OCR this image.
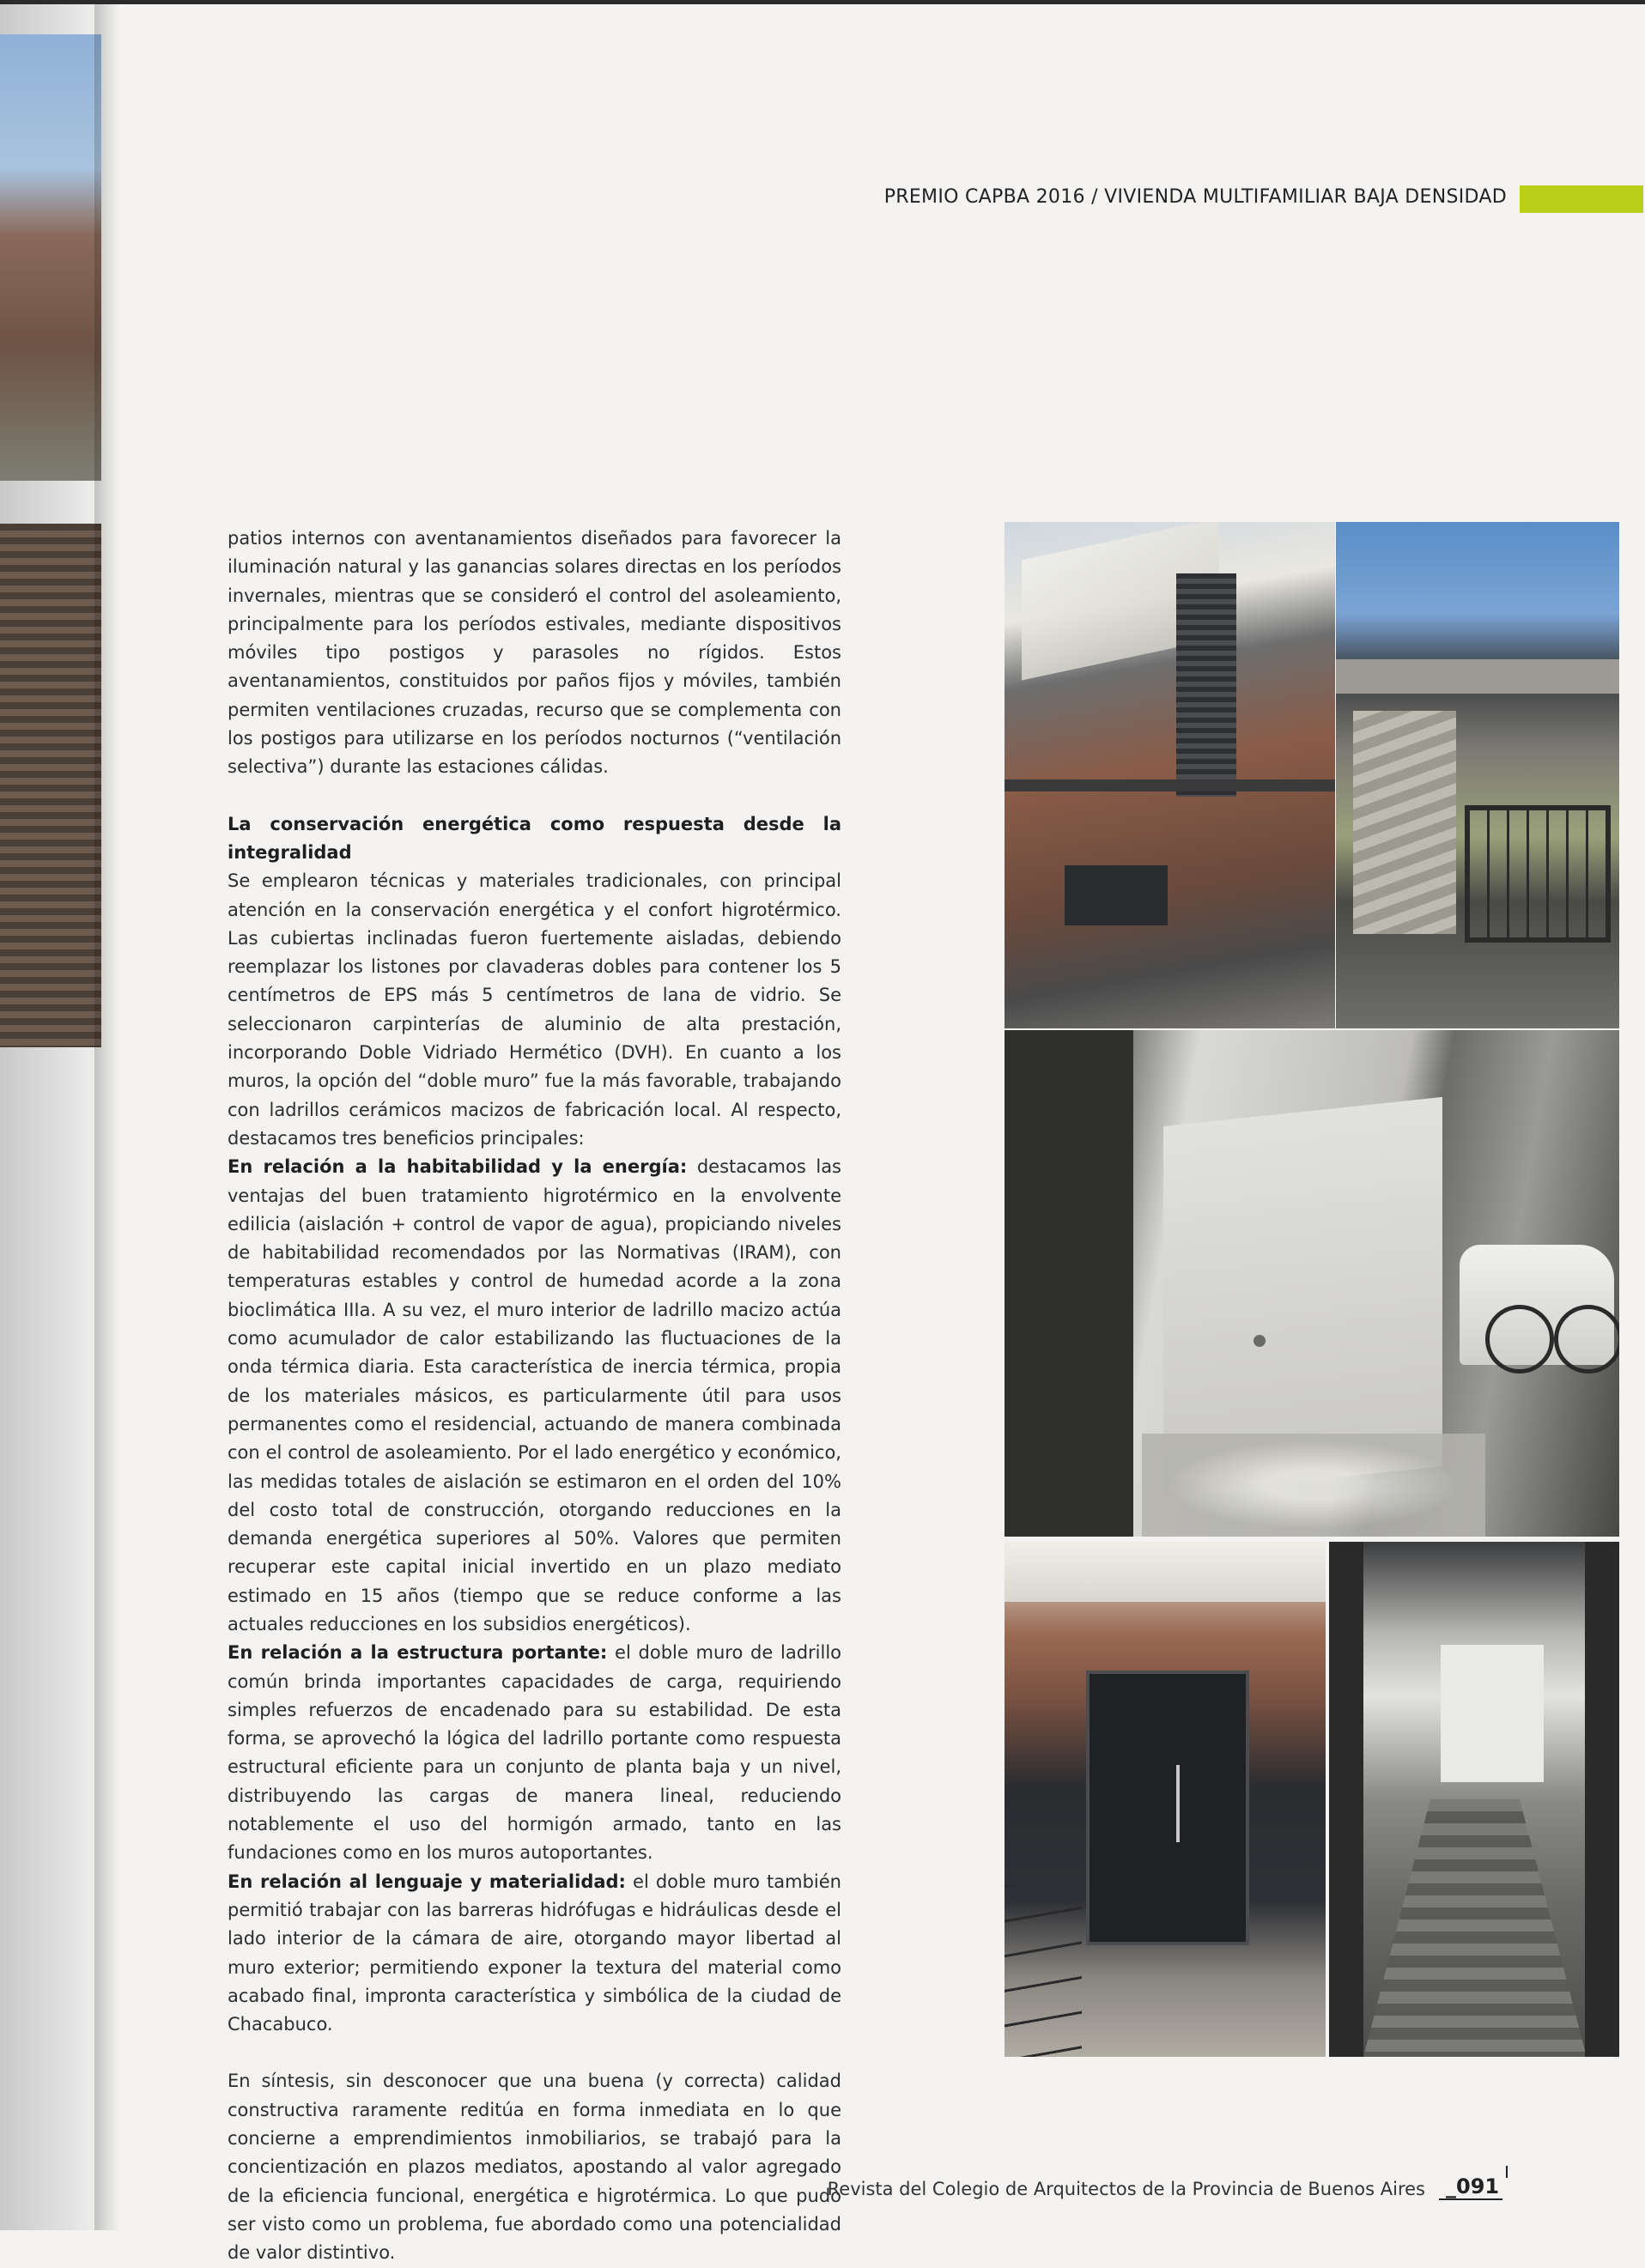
PREMIO CAPBA 2016 / VIVIENDA MULTIFAMILIAR BAJA DENSIDAD

patios internos con aventanamientos diseñados para favorecer la iluminación natural y las ganancias solares directas en los períodos invernales, mientras que se consideró el control del asoleamiento, principalmente para los períodos estivales, mediante dispositivos móviles tipo postigos y parasoles no rígidos. Estos aventanamientos, constituidos por paños fijos y móviles, también permiten ventilaciones cruzadas, recurso que se complementa con los postigos para utilizarse en los períodos nocturnos (“ventilación selectiva”) durante las estaciones cálidas.

La conservación energética como respuesta desde la integralidad

Se emplearon técnicas y materiales tradicionales, con principal atención en la conservación energética y el confort higrotérmico. Las cubiertas inclinadas fueron fuertemente aisladas, debiendo reemplazar los listones por clavaderas dobles para contener los 5 centímetros de EPS más 5 centímetros de lana de vidrio. Se seleccionaron carpinterías de aluminio de alta prestación, incorporando Doble Vidriado Hermético (DVH). En cuanto a los muros, la opción del “doble muro” fue la más favorable, trabajando con ladrillos cerámicos macizos de fabricación local. Al respecto, destacamos tres beneficios principales:

En relación a la habitabilidad y la energía: destacamos las ventajas del buen tratamiento higrotérmico en la envolvente edilicia (aislación + control de vapor de agua), propiciando niveles de habitabilidad recomendados por las Normativas (IRAM), con temperaturas estables y control de humedad acorde a la zona bioclimática IIIa. A su vez, el muro interior de ladrillo macizo actúa como acumulador de calor estabilizando las fluctuaciones de la onda térmica diaria. Esta característica de inercia térmica, propia de los materiales másicos, es particularmente útil para usos permanentes como el residencial, actuando de manera combinada con el control de asoleamiento. Por el lado energético y económico, las medidas totales de aislación se estimaron en el orden del 10% del costo total de construcción, otorgando reducciones en la demanda energética superiores al 50%. Valores que permiten recuperar este capital inicial invertido en un plazo mediato estimado en 15 años (tiempo que se reduce conforme a las actuales reducciones en los subsidios energéticos).

En relación a la estructura portante: el doble muro de ladrillo común brinda importantes capacidades de carga, requiriendo simples refuerzos de encadenado para su estabilidad. De esta forma, se aprovechó la lógica del ladrillo portante como respuesta estructural eficiente para un conjunto de planta baja y un nivel, distribuyendo las cargas de manera lineal, reduciendo notablemente el uso del hormigón armado, tanto en las fundaciones como en los muros autoportantes.

En relación al lenguaje y materialidad: el doble muro también permitió trabajar con las barreras hidrófugas e hidráulicas desde el lado interior de la cámara de aire, otorgando mayor libertad al muro exterior; permitiendo exponer la textura del material como acabado final, impronta característica y simbólica de la ciudad de Chacabuco.

En síntesis, sin desconocer que una buena (y correcta) calidad constructiva raramente reditúa en forma inmediata en lo que concierne a emprendimientos inmobiliarios, se trabajó para la concientización en plazos mediatos, apostando al valor agregado de la eficiencia funcional, energética e higrotérmica. Lo que pudo ser visto como un problema, fue abordado como una potencialidad de valor distintivo.

Revista del Colegio de Arquitectos de la Provincia de Buenos Aires	_091
